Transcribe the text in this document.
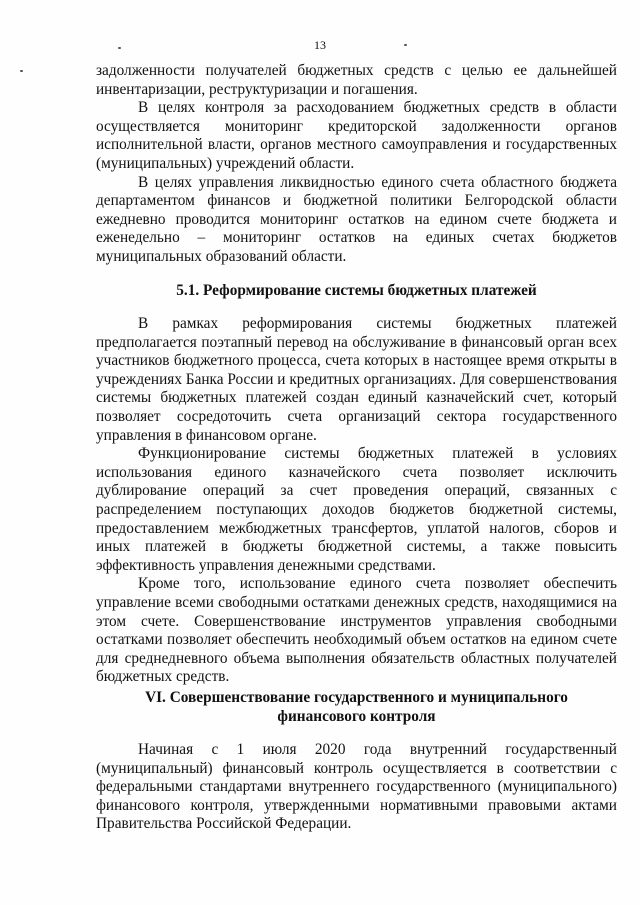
13

задолженности получателей бюджетных средств с целью ее дальнейшей инвентаризации, реструктуризации и погашения.

В целях контроля за расходованием бюджетных средств в области осуществляется мониторинг кредиторской задолженности органов исполнительной власти, органов местного самоуправления и государственных (муниципальных) учреждений области.

В целях управления ликвидностью единого счета областного бюджета департаментом финансов и бюджетной политики Белгородской области ежедневно проводится мониторинг остатков на едином счете бюджета и еженедельно – мониторинг остатков на единых счетах бюджетов муниципальных образований области.

5.1. Реформирование системы бюджетных платежей

В рамках реформирования системы бюджетных платежей предполагается поэтапный перевод на обслуживание в финансовый орган всех участников бюджетного процесса, счета которых в настоящее время открыты в учреждениях Банка России и кредитных организациях. Для совершенствования системы бюджетных платежей создан единый казначейский счет, который позволяет сосредоточить счета организаций сектора государственного управления в финансовом органе.

Функционирование системы бюджетных платежей в условиях использования единого казначейского счета позволяет исключить дублирование операций за счет проведения операций, связанных с распределением поступающих доходов бюджетов бюджетной системы, предоставлением межбюджетных трансфертов, уплатой налогов, сборов и иных платежей в бюджеты бюджетной системы, а также повысить эффективность управления денежными средствами.

Кроме того, использование единого счета позволяет обеспечить управление всеми свободными остатками денежных средств, находящимися на этом счете. Совершенствование инструментов управления свободными остатками позволяет обеспечить необходимый объем остатков на едином счете для среднедневного объема выполнения обязательств областных получателей бюджетных средств.

VI. Совершенствование государственного и муниципального
финансового контроля

Начиная с 1 июля 2020 года внутренний государственный (муниципальный) финансовый контроль осуществляется в соответствии с федеральными стандартами внутреннего государственного (муниципального) финансового контроля, утвержденными нормативными правовыми актами Правительства Российской Федерации.
